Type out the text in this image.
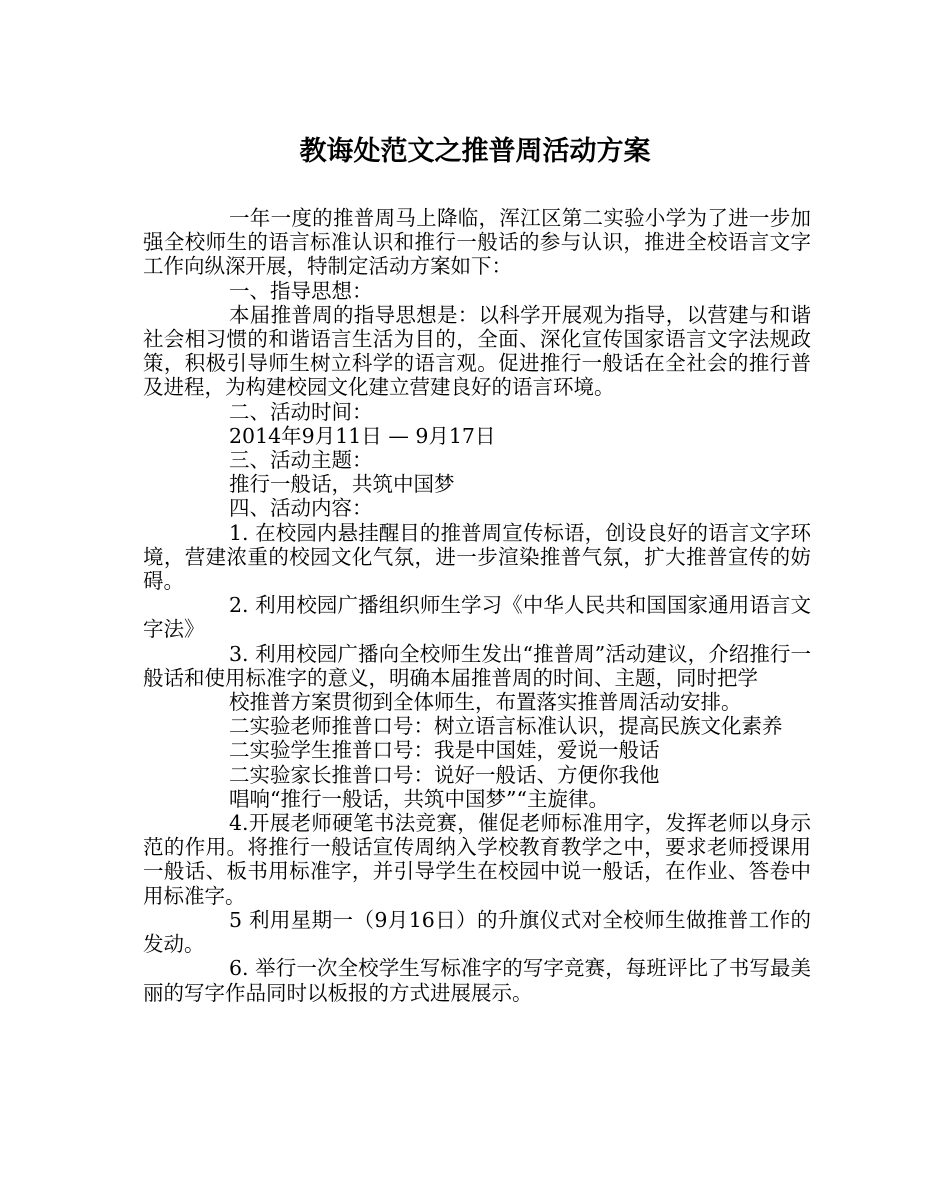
教诲处范文之推普周活动方案

一年一度的推普周马上降临，浑江区第二实验小学为了进一步加强全校师生的语言标准认识和推行一般话的参与认识，推进全校语言文字工作向纵深开展，特制定活动方案如下：

一、指导思想：

本届推普周的指导思想是：以科学开展观为指导，以营建与和谐社会相习惯的和谐语言生活为目的，全面、深化宣传国家语言文字法规政策，积极引导师生树立科学的语言观。促进推行一般话在全社会的推行普及进程，为构建校园文化建立营建良好的语言环境。

二、活动时间：

2014年9月11日 — 9月17日

三、活动主题：

推行一般话，共筑中国梦

四、活动内容：

1. 在校园内悬挂醒目的推普周宣传标语，创设良好的语言文字环境，营建浓重的校园文化气氛，进一步渲染推普气氛，扩大推普宣传的妨碍。

2. 利用校园广播组织师生学习《中华人民共和国国家通用语言文字法》

3. 利用校园广播向全校师生发出“推普周”活动建议，介绍推行一般话和使用标准字的意义，明确本届推普周的时间、主题，同时把学

校推普方案贯彻到全体师生，布置落实推普周活动安排。

二实验老师推普口号：树立语言标准认识，提高民族文化素养

二实验学生推普口号：我是中国娃，爱说一般话

二实验家长推普口号：说好一般话、方便你我他

唱响“推行一般话，共筑中国梦”“主旋律。

4.开展老师硬笔书法竞赛，催促老师标准用字，发挥老师以身示范的作用。将推行一般话宣传周纳入学校教育教学之中，要求老师授课用一般话、板书用标准字，并引导学生在校园中说一般话，在作业、答卷中用标准字。

5 利用星期一（9月16日）的升旗仪式对全校师生做推普工作的发动。

6. 举行一次全校学生写标准字的写字竞赛，每班评比了书写最美丽的写字作品同时以板报的方式进展展示。
